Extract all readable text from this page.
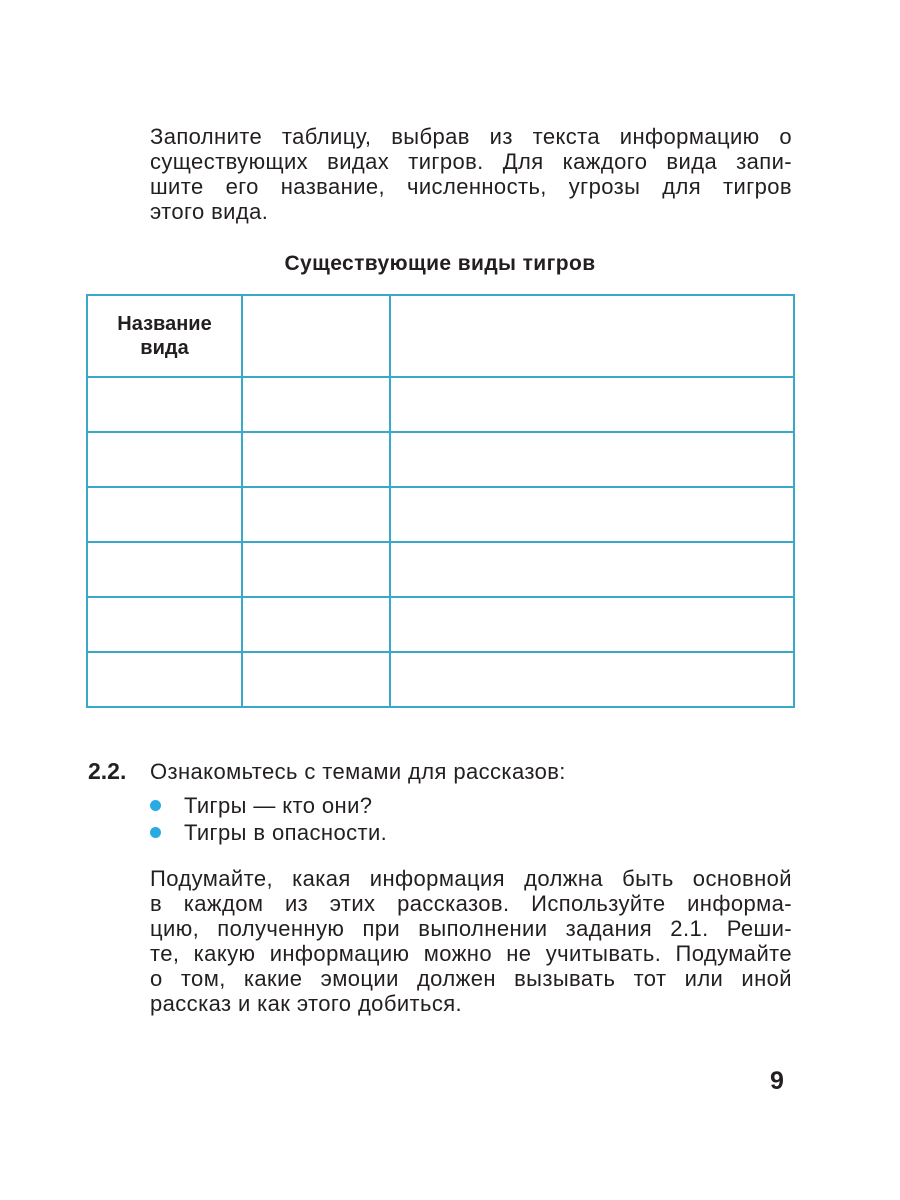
Заполните таблицу, выбрав из текста информацию о
существующих видах тигров. Для каждого вида запи-
шите его название, численность, угрозы для тигров
этого вида.

Существующие виды тигров
Название
вида		

2.2. Ознакомьтесь с темами для рассказов:

Тигры — кто они?
Тигры в опасности.

Подумайте, какая информация должна быть основной
в каждом из этих рассказов. Используйте информа-
цию, полученную при выполнении задания 2.1. Реши-
те, какую информацию можно не учитывать. Подумайте
о том, какие эмоции должен вызывать тот или иной
рассказ и как этого добиться.

9
